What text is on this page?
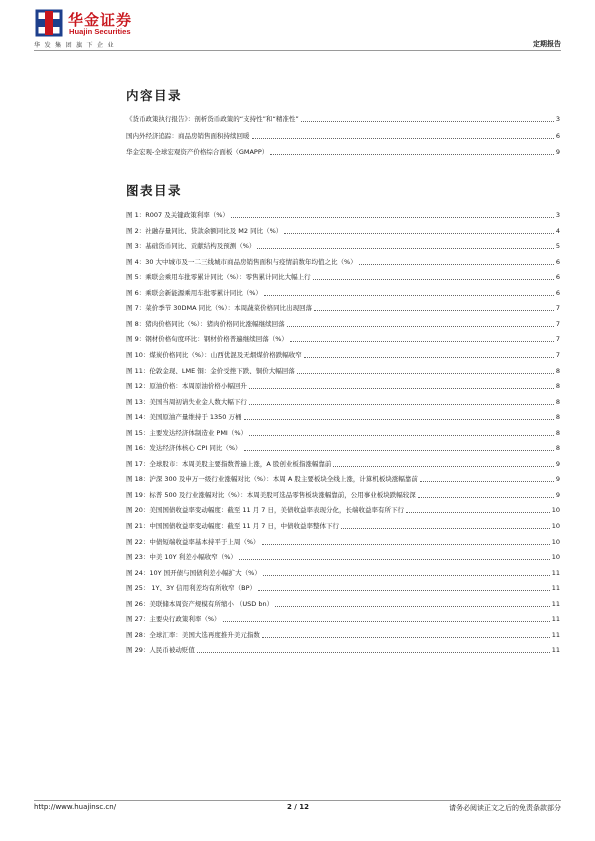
华金证券
Huajin Securities
华发集团旗下企业	定期报告
内容目录
《货币政策执行报告》：剖析货币政策的“支持性”和“精准性”	3
国内外经济追踪：商品房销售面积持续回暖	6
华金宏观-全球宏观资产价格综合面板（GMAPP）	9
图表目录
图 1：R007 及关键政策利率（%）	3
图 2：社融存量同比、贷款余额同比及 M2 同比（%）	4
图 3：基础货币同比、贡献结构及预测（%）	5
图 4：30 大中城市及一二三线城市商品房销售面积与疫情前数年均值之比（%）	6
图 5：乘联会乘用车批零累计同比（%）：零售累计同比大幅上行	6
图 6：乘联会新能源乘用车批零累计同比（%）	6
图 7：菜价季节 30DMA 同比（%）：本周蔬菜价格同比出现回落	7
图 8：猪肉价格同比（%）：猪肉价格同比涨幅继续回落	7
图 9：钢材价格旬度环比：钢材价格普遍继续回落（%）	7
图 10：煤炭价格同比（%）：山西优混及无烟煤价格跌幅收窄	7
图 11：伦敦金现、LME 铜：金价受挫下跌、铜价大幅回落	8
图 12：原油价格：本周原油价格小幅回升	8
图 13：美国当周初请失业金人数大幅下行	8
图 14：美国原油产量维持于 1350 万桶	8
图 15：主要发达经济体制造业 PMI（%）	8
图 16：发达经济体核心 CPI 同比（%）	8
图 17：全球股市：本周美股主要指数普遍上涨，A 股创业板指涨幅靠前	9
图 18：沪深 300 及申万一级行业涨幅对比（%）：本周 A 股主要板块全线上涨，计算机板块涨幅靠前	9
图 19：标普 500 及行业涨幅对比（%）：本周美股可选品零售板块涨幅靠前，公用事业板块跌幅较深	9
图 20：美国国债收益率变动幅度：截至 11 月 7 日，美债收益率表现分化，长端收益率有所下行	10
图 21：中国国债收益率变动幅度：截至 11 月 7 日，中债收益率整体下行	10
图 22：中债短端收益率基本持平于上周（%）	10
图 23：中美 10Y 利差小幅收窄（%）	10
图 24：10Y 国开债与国债利差小幅扩大（%）	11
图 25： 1Y、3Y 信用利差均有所收窄（BP）	11
图 26：美联储本周资产规模有所缩小 （USD bn）	11
图 27：主要央行政策利率（%）	11
图 28：全球汇率：美国大选再度推升美元指数	11
图 29：人民币被动贬值	11
http://www.huajinsc.cn/	2 / 12	请务必阅读正文之后的免责条款部分
